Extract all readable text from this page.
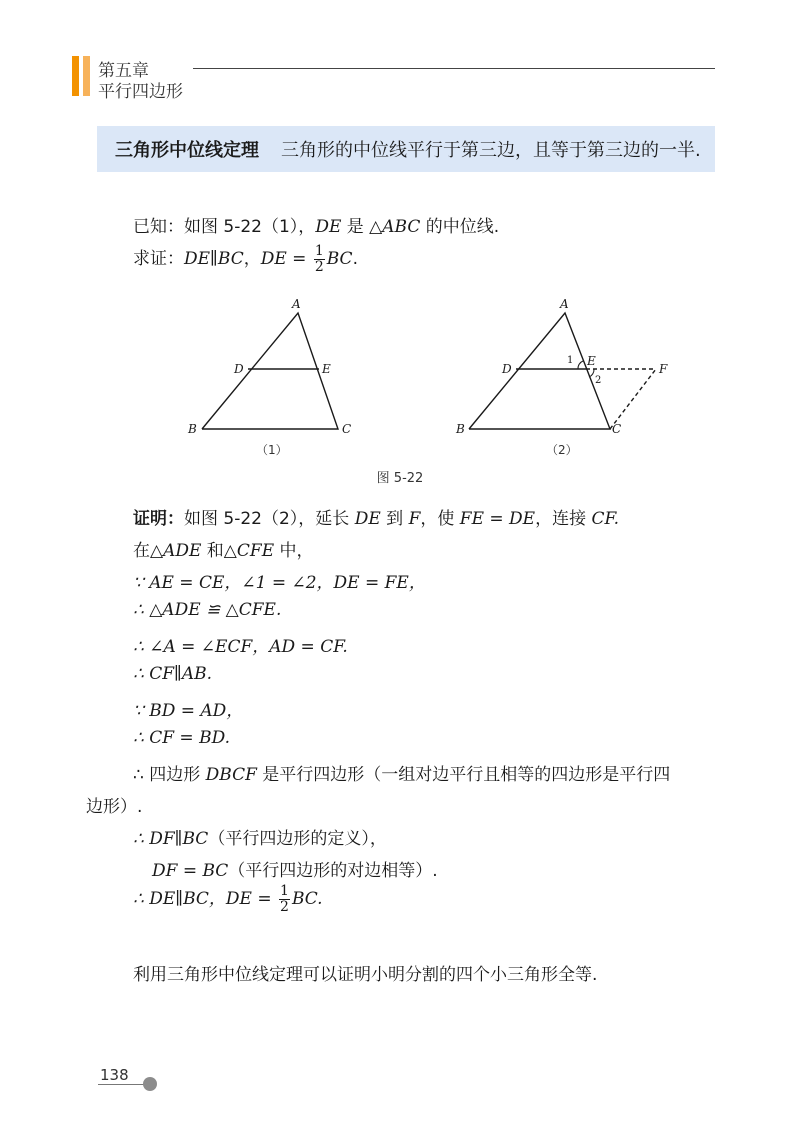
第五章
平行四边形
三角形中位线定理 三角形的中位线平行于第三边，且等于第三边的一半.
已知：如图 5-22（1），DE 是 △ABC 的中位线.
求证：DE∥BC，DE = $\frac{1}{2}$ BC.
A
D	E
B	C
A
D
E
F
B	C
1
2
（1）	（2）
图 5-22
证明：如图 5-22（2），延长 DE 到 F，使 FE = DE，连接 CF.
在△ADE 和△CFE 中，
∵ AE = CE，∠1 = ∠2，DE = FE，
∴ △ADE ≌ △CFE.
∴ ∠A = ∠ECF，AD = CF.
∴ CF∥AB.
∵ BD = AD，
∴ CF = BD.
∴ 四边形 DBCF 是平行四边形（一组对边平行且相等的四边形是平行四
边形）.
∴ DF∥BC（平行四边形的定义），
DF = BC（平行四边形的对边相等）.
∴ DE∥BC，DE = $\frac{1}{2}$ BC.
利用三角形中位线定理可以证明小明分割的四个小三角形全等.
138
